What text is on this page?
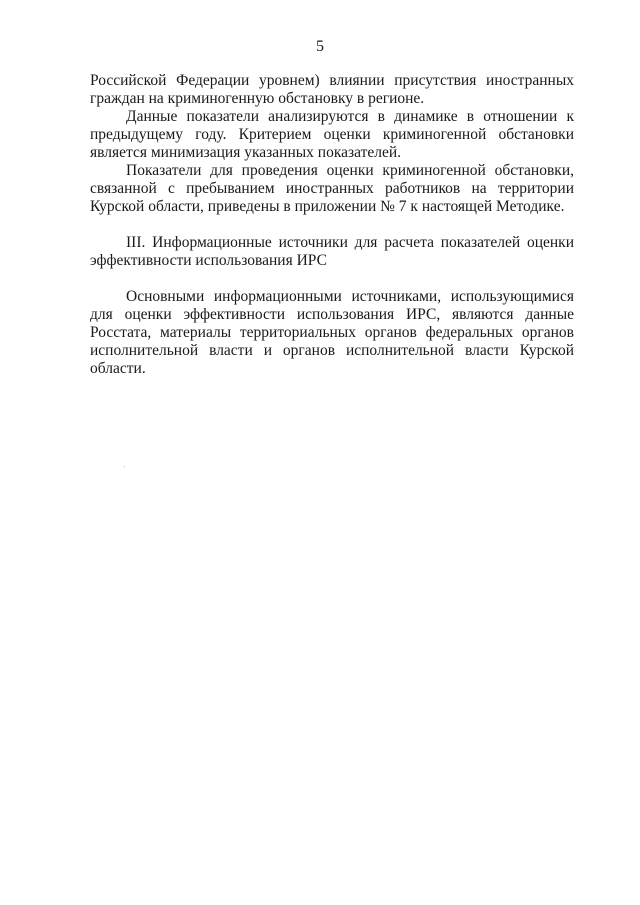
5

Российской Федерации уровнем) влиянии присутствия иностранных граждан на криминогенную обстановку в регионе.

Данные показатели анализируются в динамике в отношении к предыдущему году. Критерием оценки криминогенной обстановки является минимизация указанных показателей.

Показатели для проведения оценки криминогенной обстановки, связанной с пребыванием иностранных работников на территории Курской области, приведены в приложении № 7 к настоящей Методике.

III. Информационные источники для расчета показателей оценки эффективности использования ИРС

Основными информационными источниками, использующимися для оценки эффективности использования ИРС, являются данные Росстата, материалы территориальных органов федеральных органов исполнительной власти и органов исполнительной власти Курской области.
